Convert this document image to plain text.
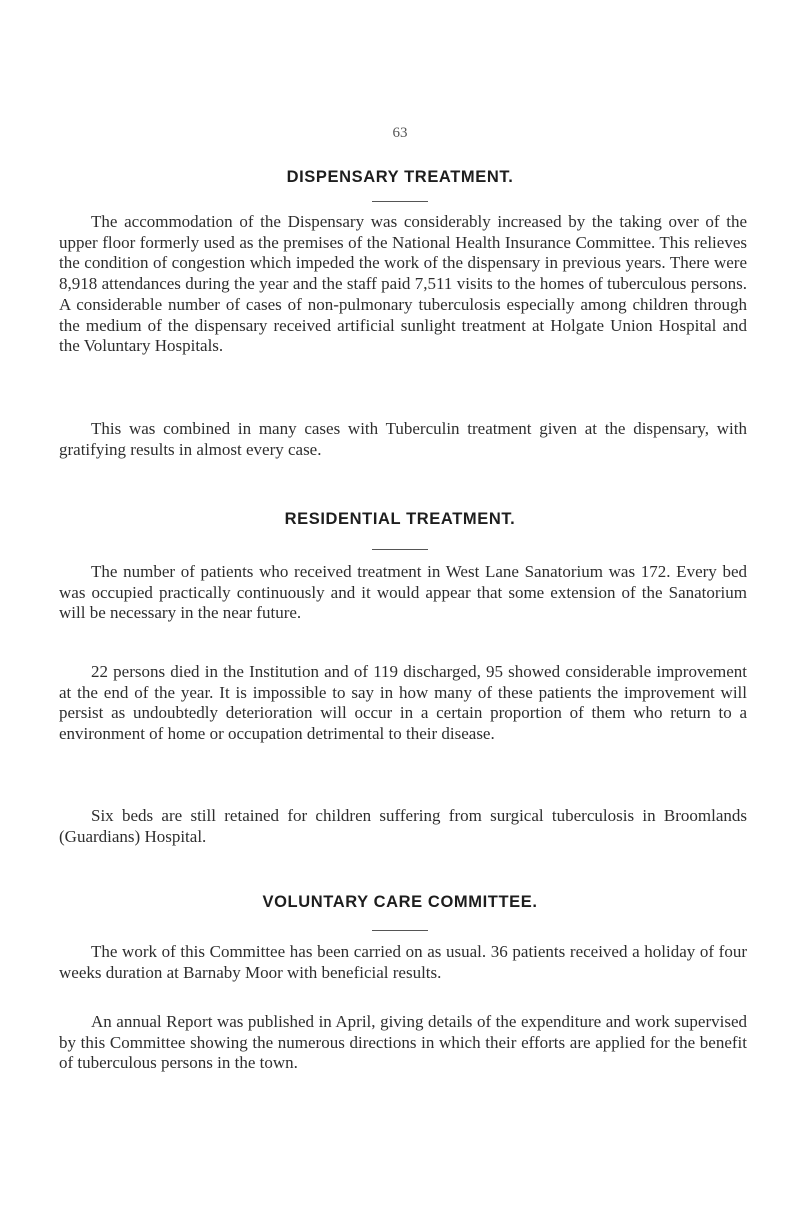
63
DISPENSARY TREATMENT.

The accommodation of the Dispensary was considerably increased by the taking over of the upper floor formerly used as the premises of the National Health Insurance Committee. This relieves the condition of congestion which impeded the work of the dispensary in previous years. There were 8,918 attendances during the year and the staff paid 7,511 visits to the homes of tuberculous persons. A considerable number of cases of non-pulmonary tuberculosis especially among children through the medium of the dispensary received artificial sunlight treatment at Holgate Union Hospital and the Voluntary Hospitals.

This was combined in many cases with Tuberculin treatment given at the dispensary, with gratifying results in almost every case.

RESIDENTIAL TREATMENT.

The number of patients who received treatment in West Lane Sanatorium was 172. Every bed was occupied practically continuously and it would appear that some extension of the Sanatorium will be necessary in the near future.

22 persons died in the Institution and of 119 discharged, 95 showed considerable improvement at the end of the year. It is impossible to say in how many of these patients the improvement will persist as undoubtedly deterioration will occur in a certain proportion of them who return to a environment of home or occupation detrimental to their disease.

Six beds are still retained for children suffering from surgical tuberculosis in Broomlands (Guardians) Hospital.

VOLUNTARY CARE COMMITTEE.

The work of this Committee has been carried on as usual. 36 patients received a holiday of four weeks duration at Barnaby Moor with beneficial results.

An annual Report was published in April, giving details of the expenditure and work supervised by this Committee showing the numerous directions in which their efforts are applied for the benefit of tuberculous persons in the town.
